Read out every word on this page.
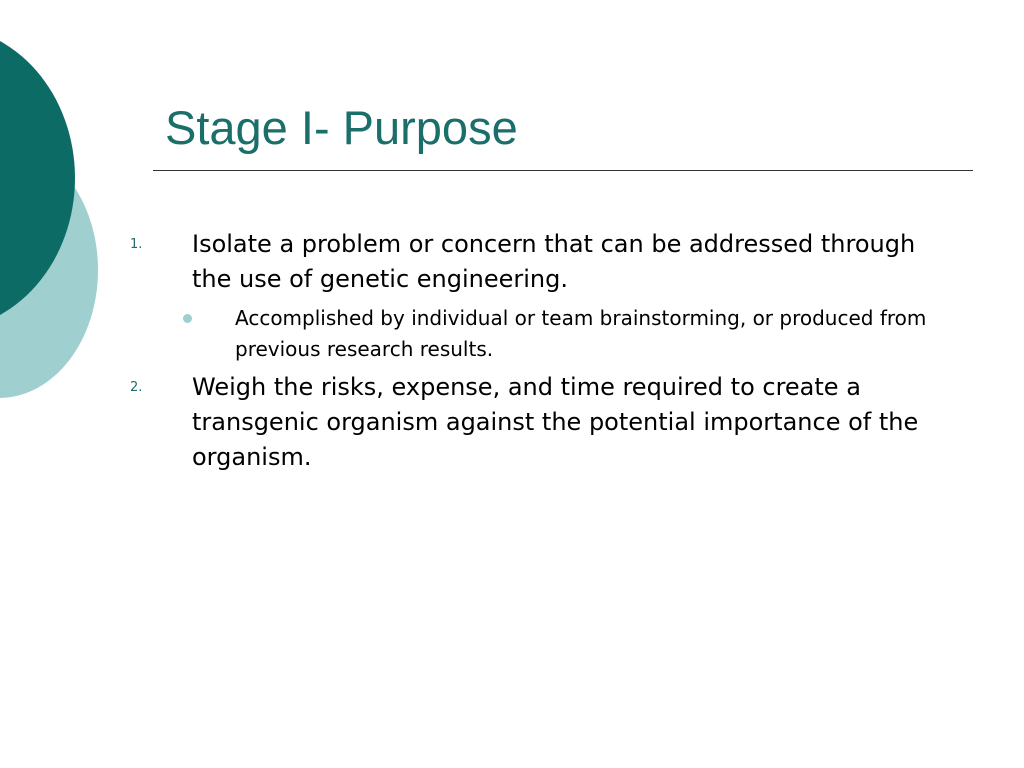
Stage I- Purpose
1. Isolate a problem or concern that can be addressed through the use of genetic engineering.
Accomplished by individual or team brainstorming, or produced from previous research results.
2. Weigh the risks, expense, and time required to create a transgenic organism against the potential importance of the organism.
